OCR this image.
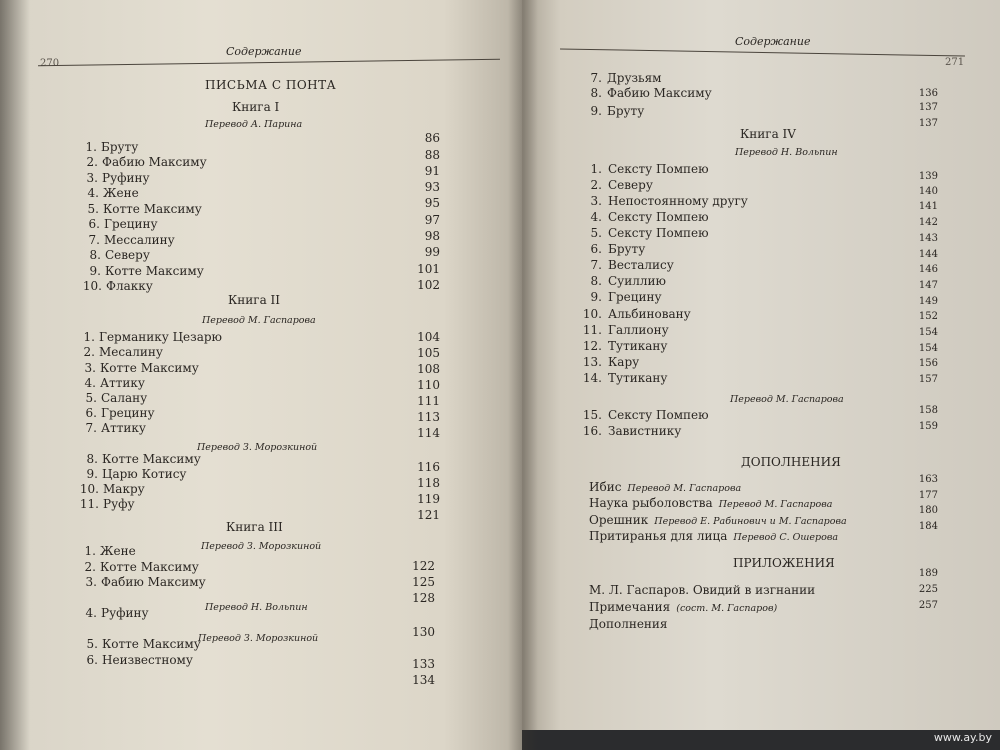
270
Содержание
ПИСЬМА С ПОНТА
Книга I
Перевод А. Парина
1. Бруту
2. Фабию Максиму
3. Руфину
4. Жене
5. Котте Максиму
6. Грецину
7. Мессалину
8. Северу
9. Котте Максиму
10. Флакку
86
88
91
93
95
97
98
99
101
102
Книга II
Перевод М. Гаспарова
Перевод З. Морозкиной
1. Германику Цезарю
2. Месалину
3. Котте Максиму
4. Аттику
5. Салану
6. Грецину
7. Аттику
8. Котте Максиму
9. Царю Котису
10. Макру
11. Руфу
104
105
108
110
111
113
114
116
118
119
121
Книга III
Перевод З. Морозкиной
Перевод Н. Вольпин
Перевод З. Морозкиной
1. Жене
2. Котте Максиму
3. Фабию Максиму
4. Руфину
5. Котте Максиму
6. Неизвестному
122
125
128
130
133
134
Содержание
271
7. Друзьям
8. Фабию Максиму
9. Бруту
136
137
137
Книга IV
Перевод Н. Вольпин
Перевод М. Гаспарова
1. Сексту Помпею
2. Северу
3. Непостоянному другу
4. Сексту Помпею
5. Сексту Помпею
6. Бруту
7. Весталису
8. Суиллию
9. Грецину
10. Альбиновану
11. Галлиону
12. Тутикану
13. Кару
14. Тутикану
15. Сексту Помпею
16. Завистнику
139
140
141
142
143
144
146
147
149
152
154
154
156
157
158
159
ДОПОЛНЕНИЯ
Ибис Перевод М. Гаспарова
Наука рыболовства Перевод М. Гаспарова
Орешник Перевод Е. Рабинович и М. Гаспарова
Притиранья для лица Перевод С. Ошерова
163
177
180
184
ПРИЛОЖЕНИЯ
М. Л. Гаспаров. Овидий в изгнании
Примечания (сост. М. Гаспаров)
Дополнения
189
225
257
www.ay.by
